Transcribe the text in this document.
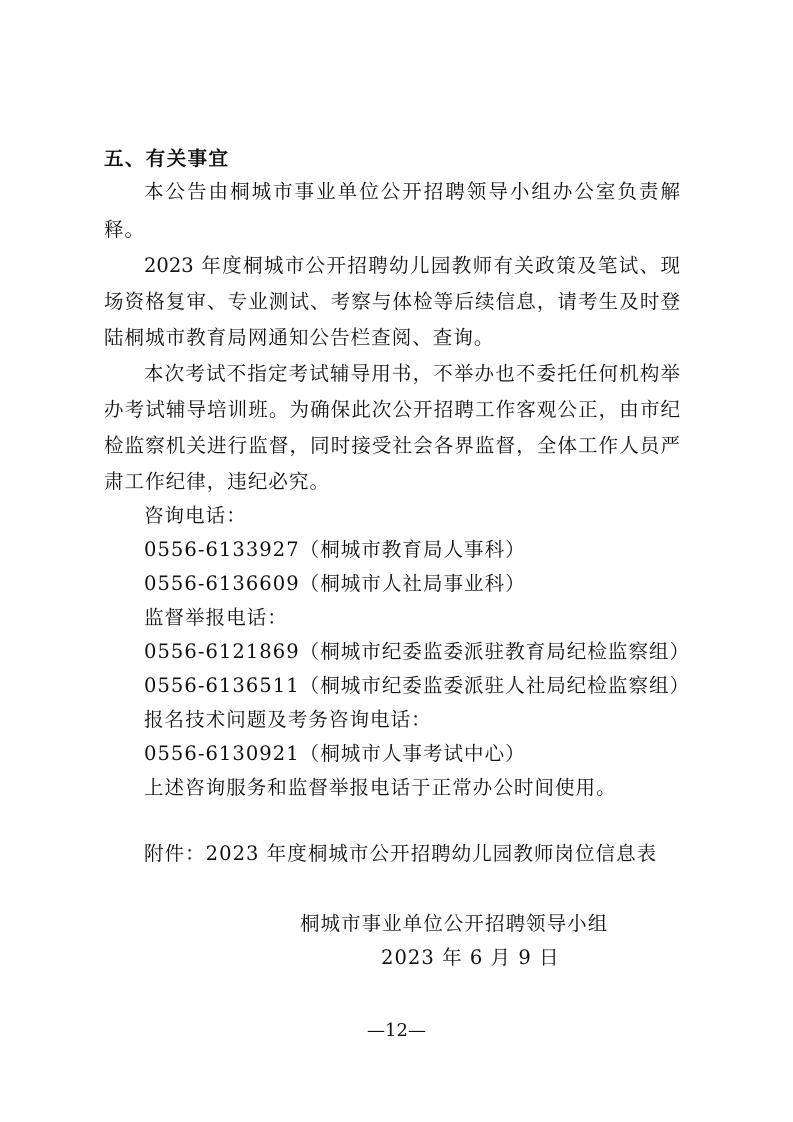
五、有关事宜
本公告由桐城市事业单位公开招聘领导小组办公室负责解
释。
2023 年度桐城市公开招聘幼儿园教师有关政策及笔试、现
场资格复审、专业测试、考察与体检等后续信息，请考生及时登
陆桐城市教育局网通知公告栏查阅、查询。
本次考试不指定考试辅导用书，不举办也不委托任何机构举
办考试辅导培训班。为确保此次公开招聘工作客观公正，由市纪
检监察机关进行监督，同时接受社会各界监督，全体工作人员严
肃工作纪律，违纪必究。
咨询电话：
0556-6133927（桐城市教育局人事科）
0556-6136609（桐城市人社局事业科）
监督举报电话：
0556-6121869（桐城市纪委监委派驻教育局纪检监察组）
0556-6136511（桐城市纪委监委派驻人社局纪检监察组）
报名技术问题及考务咨询电话：
0556-6130921（桐城市人事考试中心）
上述咨询服务和监督举报电话于正常办公时间使用。
附件：2023 年度桐城市公开招聘幼儿园教师岗位信息表
桐城市事业单位公开招聘领导小组
2023 年 6 月 9 日
—12—
